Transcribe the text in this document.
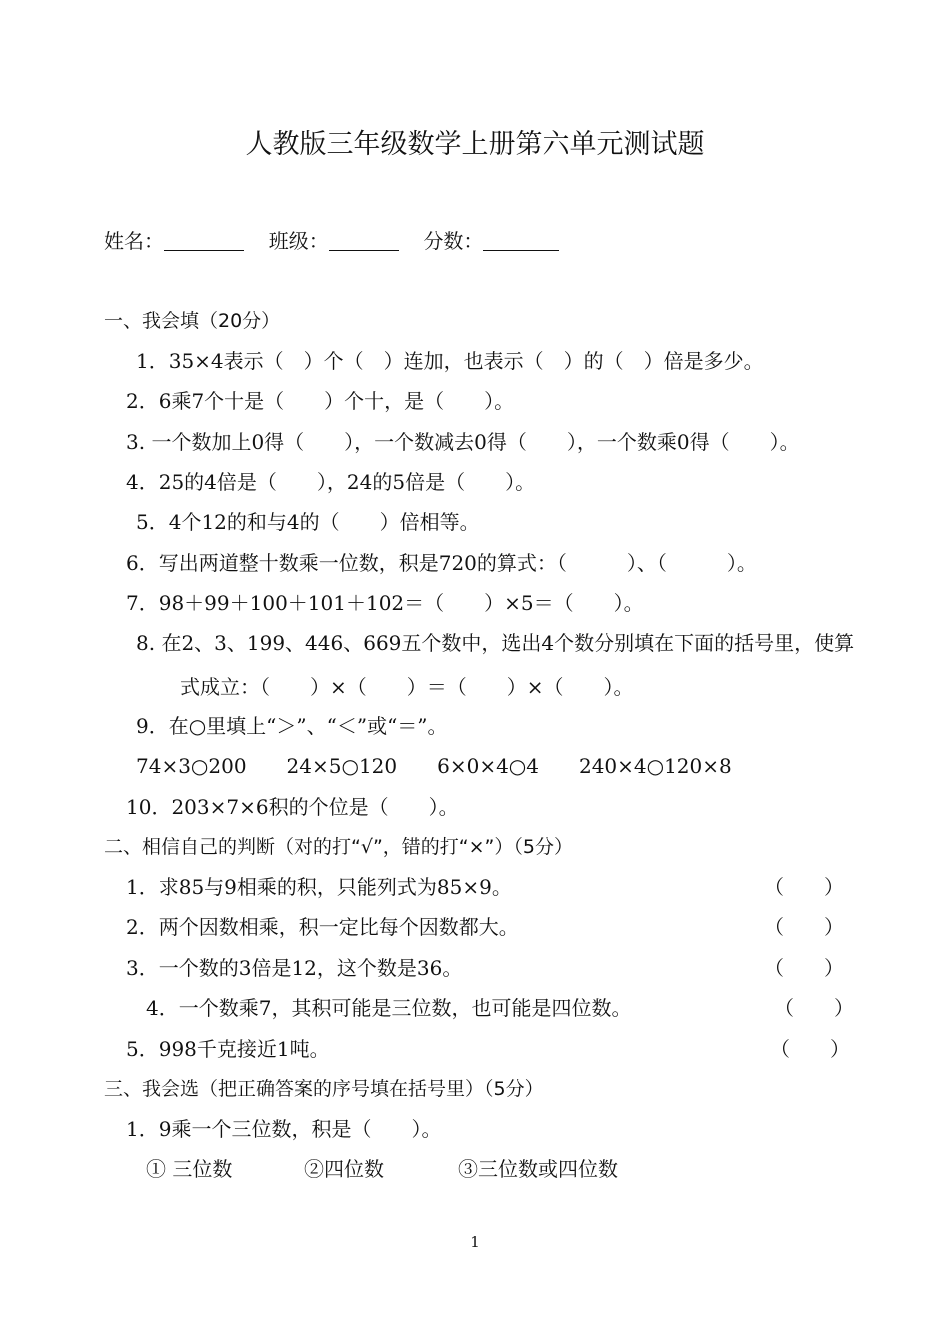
人教版三年级数学上册第六单元测试题
姓名：	班级：	分数：
一、我会填（20分）
1．35×4表示（　）个（　）连加，也表示（　）的（　）倍是多少。
2．6乘7个十是（　　）个十，是（　　）。
3. 一个数加上0得（　　），一个数减去0得（　　），一个数乘0得（　　）。
4．25的4倍是（　　），24的5倍是（　　）。
5．4个12的和与4的（　　）倍相等。
6．写出两道整十数乘一位数，积是720的算式：（　　　）、（　　　）。
7．98＋99＋100＋101＋102＝（　　）×5＝（　　）。
8. 在2、3、199、446、669五个数中，选出4个数分别填在下面的括号里，使算
式成立：（　　）×（　　）＝（　　）×（　　）。
9．在○里填上“＞”、“＜”或“＝”。
74×3○200　　24×5○120　　6×0×4○4　　240×4○120×8
10．203×7×6积的个位是（　　）。
二、相信自己的判断（对的打“√”，错的打“×”）（5分）
1．求85与9相乘的积，只能列式为85×9。	（　　）
2．两个因数相乘，积一定比每个因数都大。	（　　）
3．一个数的3倍是12，这个数是36。	（　　）
4．一个数乘7，其积可能是三位数，也可能是四位数。	（　　）
5．998千克接近1吨。	（　　）
三、我会选（把正确答案的序号填在括号里）（5分）
1．9乘一个三位数，积是（　　）。
① 三位数	②四位数	③三位数或四位数
1
